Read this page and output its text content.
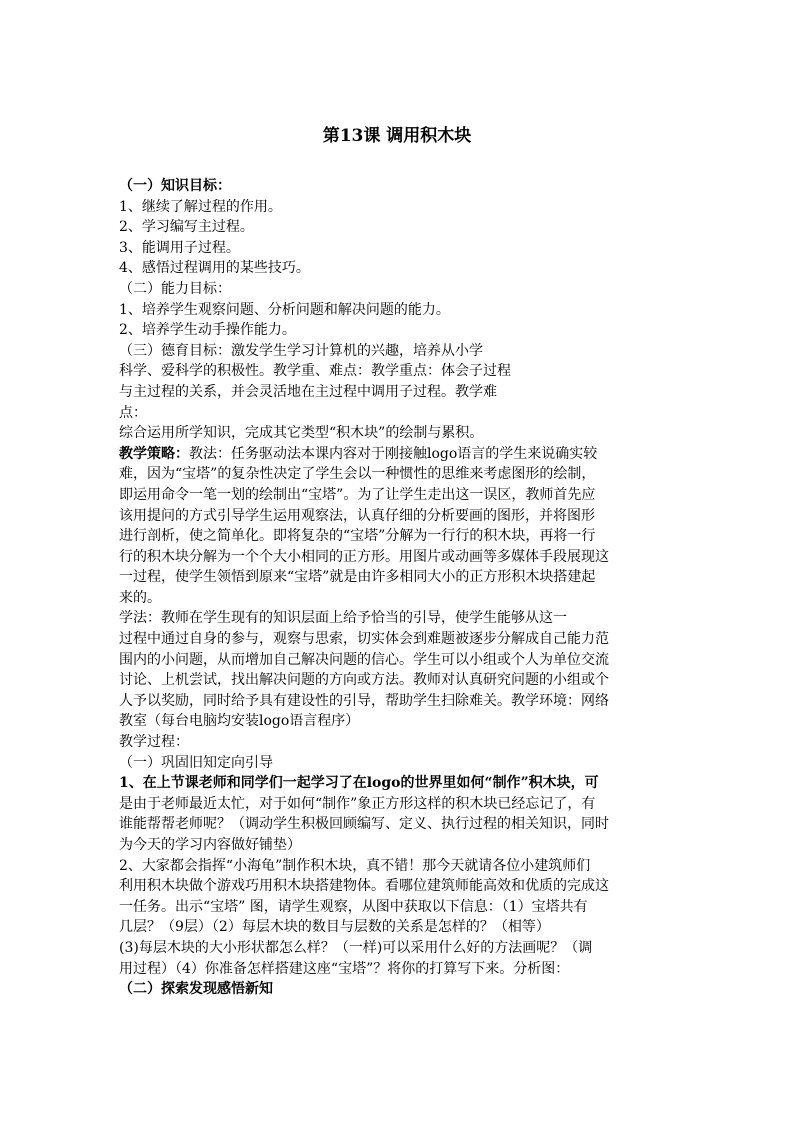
第13课 调用积木块
（一）知识目标：
1、继续了解过程的作用。
2、学习编写主过程。
3、能调用子过程。
4、感悟过程调用的某些技巧。
（二）能力目标：
1、培养学生观察问题、分析问题和解决问题的能力。
2、培养学生动手操作能力。
（三）德育目标：激发学生学习计算机的兴趣，培养从小学
科学、爱科学的积极性。教学重、难点：教学重点：体会子过程
与主过程的关系，并会灵活地在主过程中调用子过程。教学难
点：
综合运用所学知识，完成其它类型“积木块”的绘制与累积。
教学策略：教法：任务驱动法本课内容对于刚接触logo语言的学生来说确实较
难，因为“宝塔”的复杂性决定了学生会以一种惯性的思维来考虑图形的绘制，
即运用命令一笔一划的绘制出“宝塔”。为了让学生走出这一误区，教师首先应
该用提问的方式引导学生运用观察法，认真仔细的分析要画的图形，并将图形
进行剖析，使之简单化。即将复杂的“宝塔”分解为一行行的积木块，再将一行
行的积木块分解为一个个大小相同的正方形。用图片或动画等多媒体手段展现这
一过程，使学生领悟到原来“宝塔”就是由许多相同大小的正方形积木块搭建起
来的。
学法：教师在学生现有的知识层面上给予恰当的引导，使学生能够从这一
过程中通过自身的参与，观察与思索，切实体会到难题被逐步分解成自己能力范
围内的小问题，从而增加自己解决问题的信心。学生可以小组或个人为单位交流
讨论、上机尝试，找出解决问题的方向或方法。教师对认真研究问题的小组或个
人予以奖励，同时给予具有建设性的引导，帮助学生扫除难关。教学环境：网络
教室（每台电脑均安装logo语言程序）
教学过程：
（一）巩固旧知定向引导
1、在上节课老师和同学们一起学习了在logo的世界里如何“制作”积木块，可
是由于老师最近太忙，对于如何“制作”象正方形这样的积木块已经忘记了，有
谁能帮帮老师呢？（调动学生积极回顾编写、定义、执行过程的相关知识，同时
为今天的学习内容做好铺垫）
2、大家都会指挥“小海龟”制作积木块，真不错！那今天就请各位小建筑师们
利用积木块做个游戏巧用积木块搭建物体。看哪位建筑师能高效和优质的完成这
一任务。出示“宝塔” 图，请学生观察，从图中获取以下信息：（1）宝塔共有
几层？（9层）（2）每层木块的数目与层数的关系是怎样的？（相等）
(3)每层木块的大小形状都怎么样？（一样)可以采用什么好的方法画呢？（调
用过程）（4）你准备怎样搭建这座“宝塔”？将你的打算写下来。分析图：
（二）探索发现感悟新知
